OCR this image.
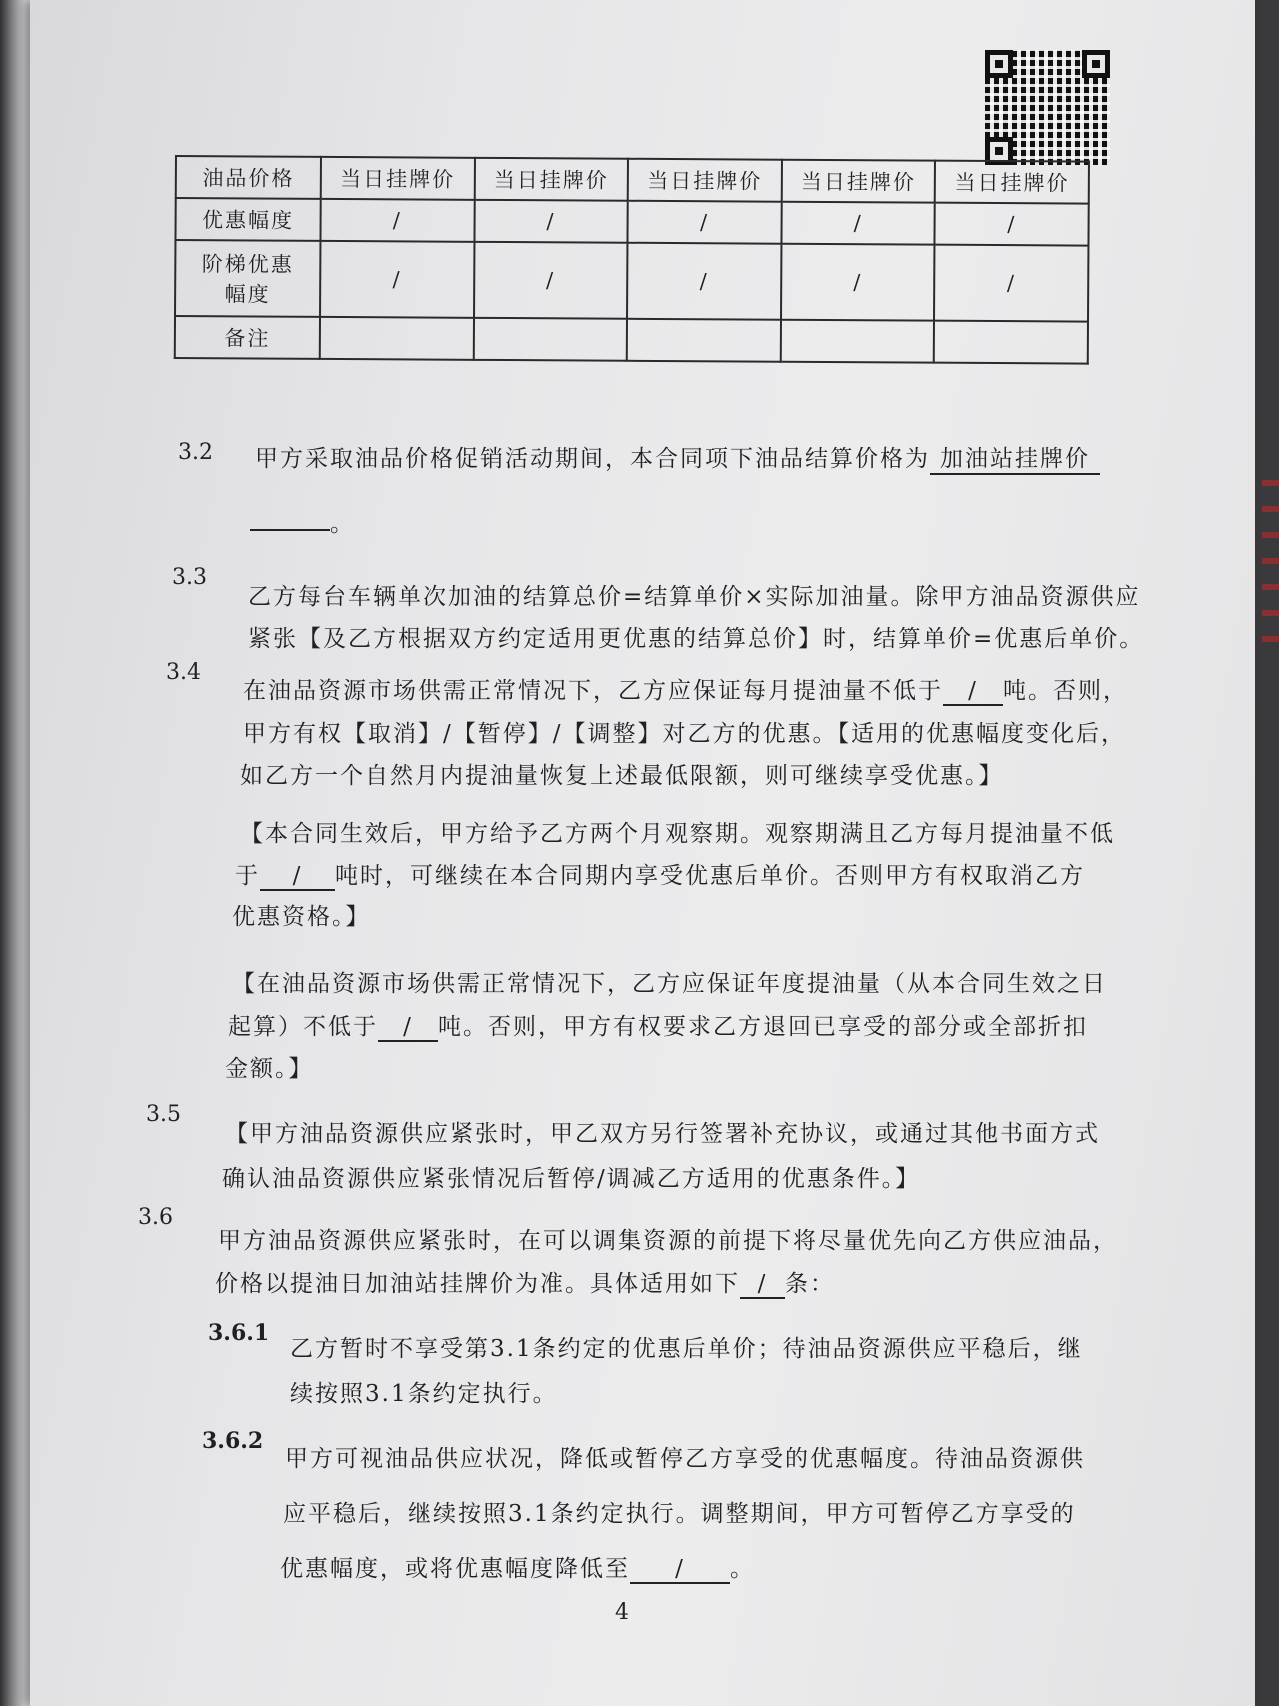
油品价格	当日挂牌价	当日挂牌价	当日挂牌价	当日挂牌价	当日挂牌价
优惠幅度	/	/	/	/	/

阶梯优惠
幅度	/	/	/	/	/
备注					
3.2 甲方采取油品价格促销活动期间，本合同项下油品结算价格为 加油站挂牌价
。
3.3
乙方每台车辆单次加油的结算总价=结算单价×实际加油量。除甲方油品资源供应
紧张【及乙方根据双方约定适用更优惠的结算总价】时，结算单价=优惠后单价。
3.4
在油品资源市场供需正常情况下，乙方应保证每月提油量不低于 / 吨。否则，
甲方有权【取消】/【暂停】/【调整】对乙方的优惠。【适用的优惠幅度变化后，
如乙方一个自然月内提油量恢复上述最低限额，则可继续享受优惠。】
【本合同生效后，甲方给予乙方两个月观察期。观察期满且乙方每月提油量不低
于 / 吨时，可继续在本合同期内享受优惠后单价。否则甲方有权取消乙方
优惠资格。】
【在油品资源市场供需正常情况下，乙方应保证年度提油量（从本合同生效之日
起算）不低于 / 吨。否则，甲方有权要求乙方退回已享受的部分或全部折扣
金额。】
3.5
【甲方油品资源供应紧张时，甲乙双方另行签署补充协议，或通过其他书面方式
确认油品资源供应紧张情况后暂停/调减乙方适用的优惠条件。】
3.6
甲方油品资源供应紧张时，在可以调集资源的前提下将尽量优先向乙方供应油品，
价格以提油日加油站挂牌价为准。具体适用如下 / 条：
3.6.1
乙方暂时不享受第3.1条约定的优惠后单价；待油品资源供应平稳后，继
续按照3.1条约定执行。
3.6.2
甲方可视油品供应状况，降低或暂停乙方享受的优惠幅度。待油品资源供
应平稳后，继续按照3.1条约定执行。调整期间，甲方可暂停乙方享受的
优惠幅度，或将优惠幅度降低至 / 。
4
